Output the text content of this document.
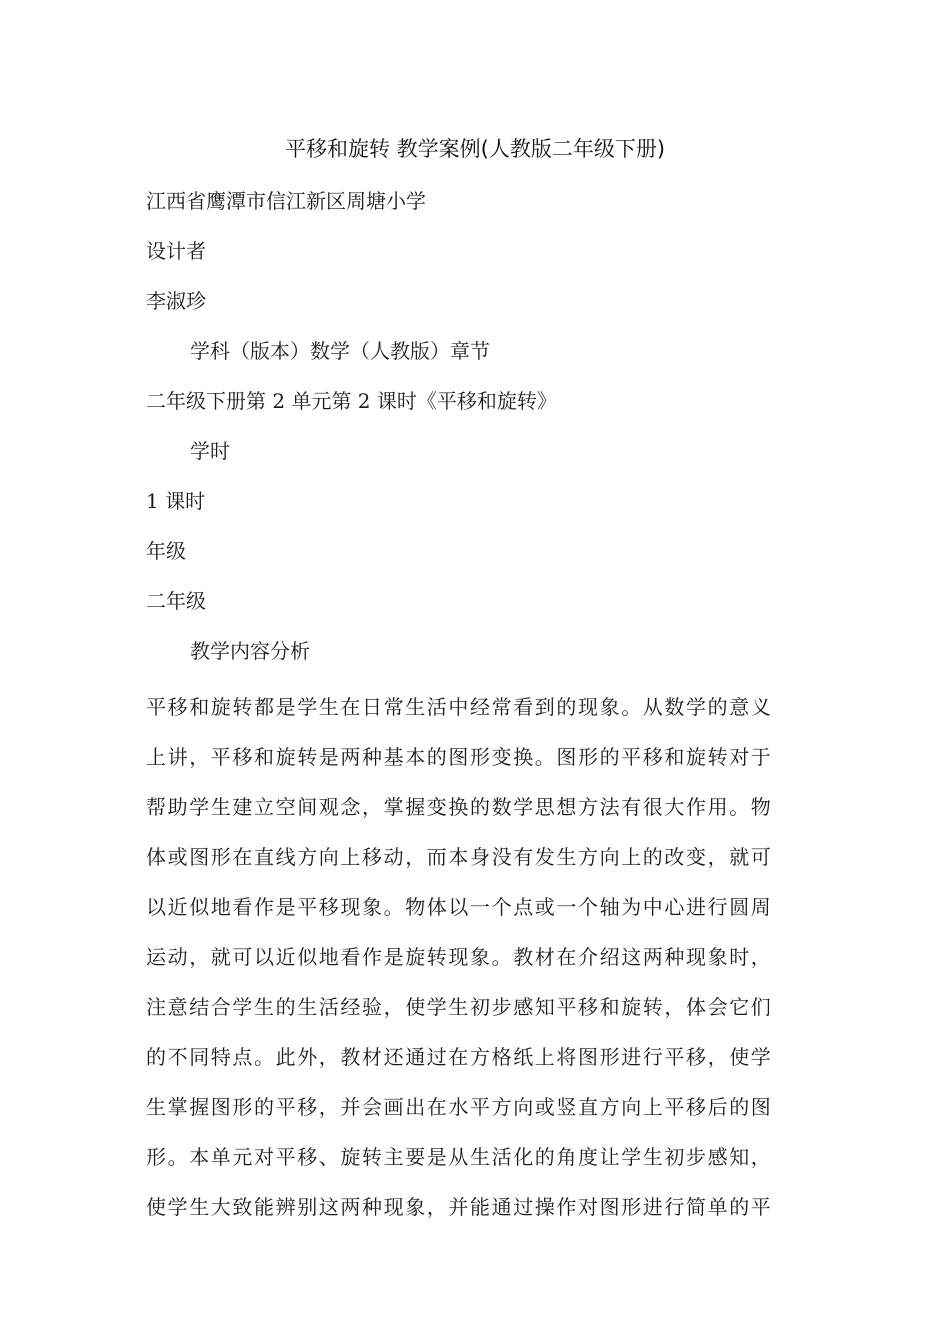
平移和旋转 教学案例(人教版二年级下册)
江西省鹰潭市信江新区周塘小学
设计者
李淑珍
学科（版本）数学（人教版）章节
二年级下册第 2 单元第 2 课时《平移和旋转》
学时
1 课时
年级
二年级
教学内容分析
平移和旋转都是学生在日常生活中经常看到的现象。从数学的意义
上讲，平移和旋转是两种基本的图形变换。图形的平移和旋转对于
帮助学生建立空间观念，掌握变换的数学思想方法有很大作用。物
体或图形在直线方向上移动，而本身没有发生方向上的改变，就可
以近似地看作是平移现象。物体以一个点或一个轴为中心进行圆周
运动，就可以近似地看作是旋转现象。教材在介绍这两种现象时，
注意结合学生的生活经验，使学生初步感知平移和旋转，体会它们
的不同特点。此外，教材还通过在方格纸上将图形进行平移，使学
生掌握图形的平移，并会画出在水平方向或竖直方向上平移后的图
形。本单元对平移、旋转主要是从生活化的角度让学生初步感知，
使学生大致能辨别这两种现象，并能通过操作对图形进行简单的平
